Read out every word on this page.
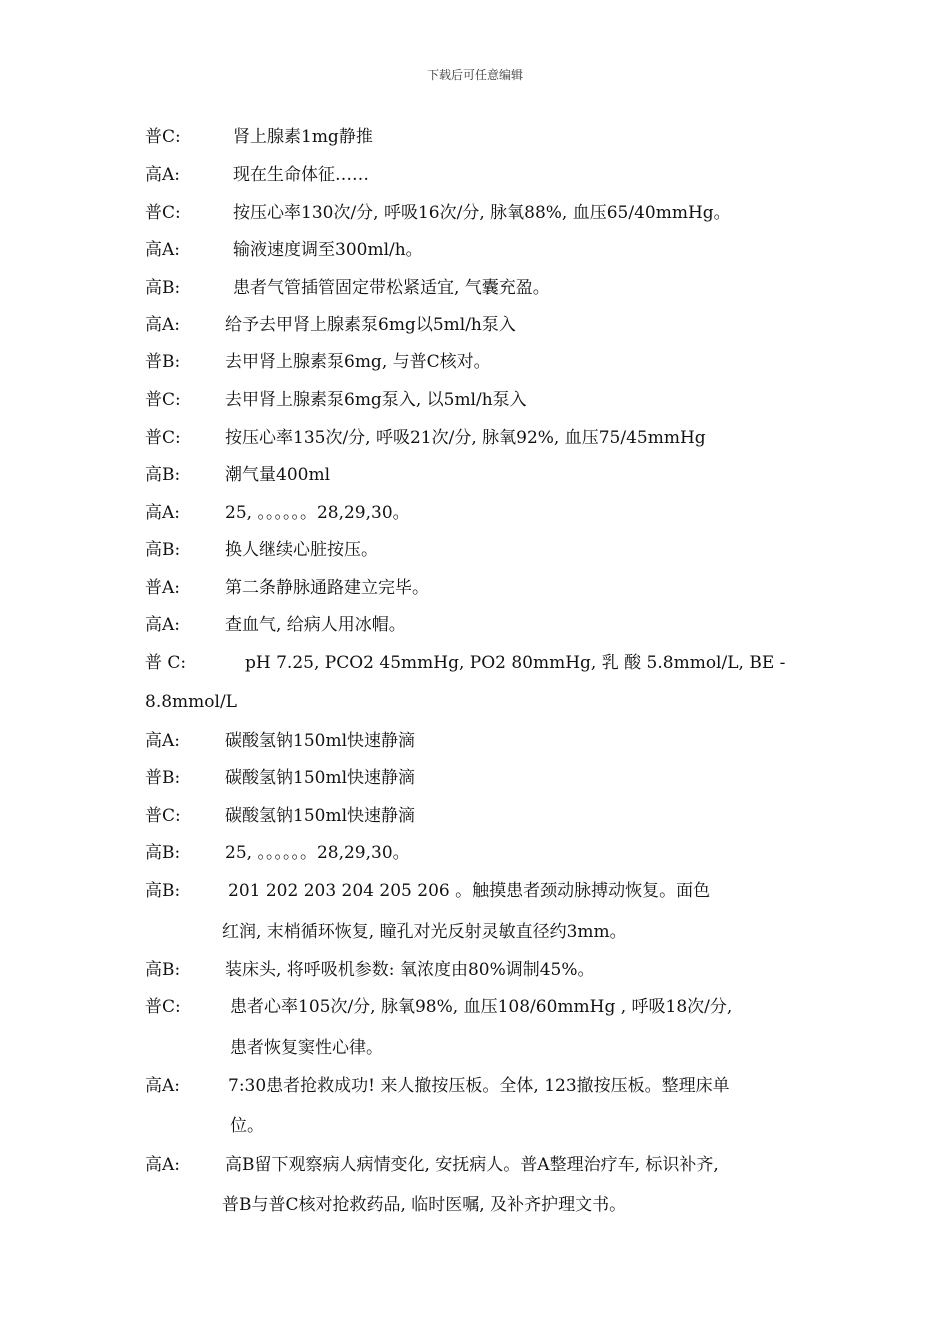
下载后可任意编辑
普C:	肾上腺素1mg静推
高A:	现在生命体征……
普C:	按压心率130次/分, 呼吸16次/分, 脉氧88%, 血压65/40mmHg。
高A:	输液速度调至300ml/h。
高B:	患者气管插管固定带松紧适宜, 气囊充盈。
高A:	给予去甲肾上腺素泵6mg以5ml/h泵入
普B:	去甲肾上腺素泵6mg, 与普C核对。
普C:	去甲肾上腺素泵6mg泵入, 以5ml/h泵入
普C:	按压心率135次/分, 呼吸21次/分, 脉氧92%, 血压75/45mmHg
高B:	潮气量400ml
高A:	25, 。。。。。。28,29,30。
高B:	换人继续心脏按压。
普A:	第二条静脉通路建立完毕。
高A:	查血气, 给病人用冰帽。
普 C:	pH 7.25, PCO2 45mmHg, PO2 80mmHg, 乳 酸 5.8mmol/L, BE -
8.8mmol/L
高A:	碳酸氢钠150ml快速静滴
普B:	碳酸氢钠150ml快速静滴
普C:	碳酸氢钠150ml快速静滴
高B:	25, 。。。。。。28,29,30。
高B:	201 202 203 204 205 206 。触摸患者颈动脉搏动恢复。面色
红润, 末梢循环恢复, 瞳孔对光反射灵敏直径约3mm。
高B:	装床头, 将呼吸机参数: 氧浓度由80%调制45%。
普C:	患者心率105次/分, 脉氧98%, 血压108/60mmHg , 呼吸18次/分,
患者恢复窦性心律。
高A:	7:30患者抢救成功! 来人撤按压板。全体, 123撤按压板。整理床单
位。
高A:	高B留下观察病人病情变化, 安抚病人。普A整理治疗车, 标识补齐,
普B与普C核对抢救药品, 临时医嘱, 及补齐护理文书。
